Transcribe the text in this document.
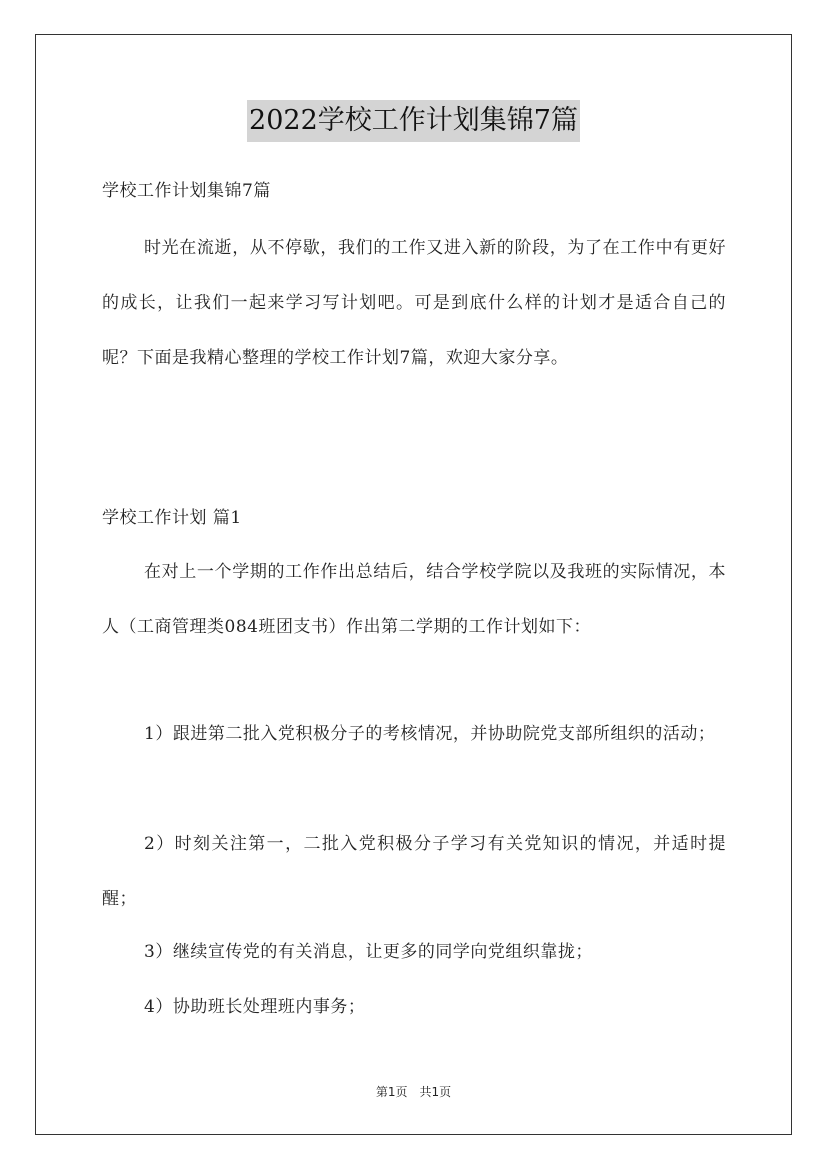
2022学校工作计划集锦7篇

学校工作计划集锦7篇

时光在流逝，从不停歇，我们的工作又进入新的阶段，为了在工作中有更好的成长，让我们一起来学习写计划吧。可是到底什么样的计划才是适合自己的呢？下面是我精心整理的学校工作计划7篇，欢迎大家分享。

学校工作计划 篇1

在对上一个学期的工作作出总结后，结合学校学院以及我班的实际情况，本人（工商管理类084班团支书）作出第二学期的工作计划如下：

1）跟进第二批入党积极分子的考核情况，并协助院党支部所组织的活动；

2）时刻关注第一，二批入党积极分子学习有关党知识的情况，并适时提醒；

3）继续宣传党的有关消息，让更多的同学向党组织靠拢；

4）协助班长处理班内事务；

第1页　共1页
